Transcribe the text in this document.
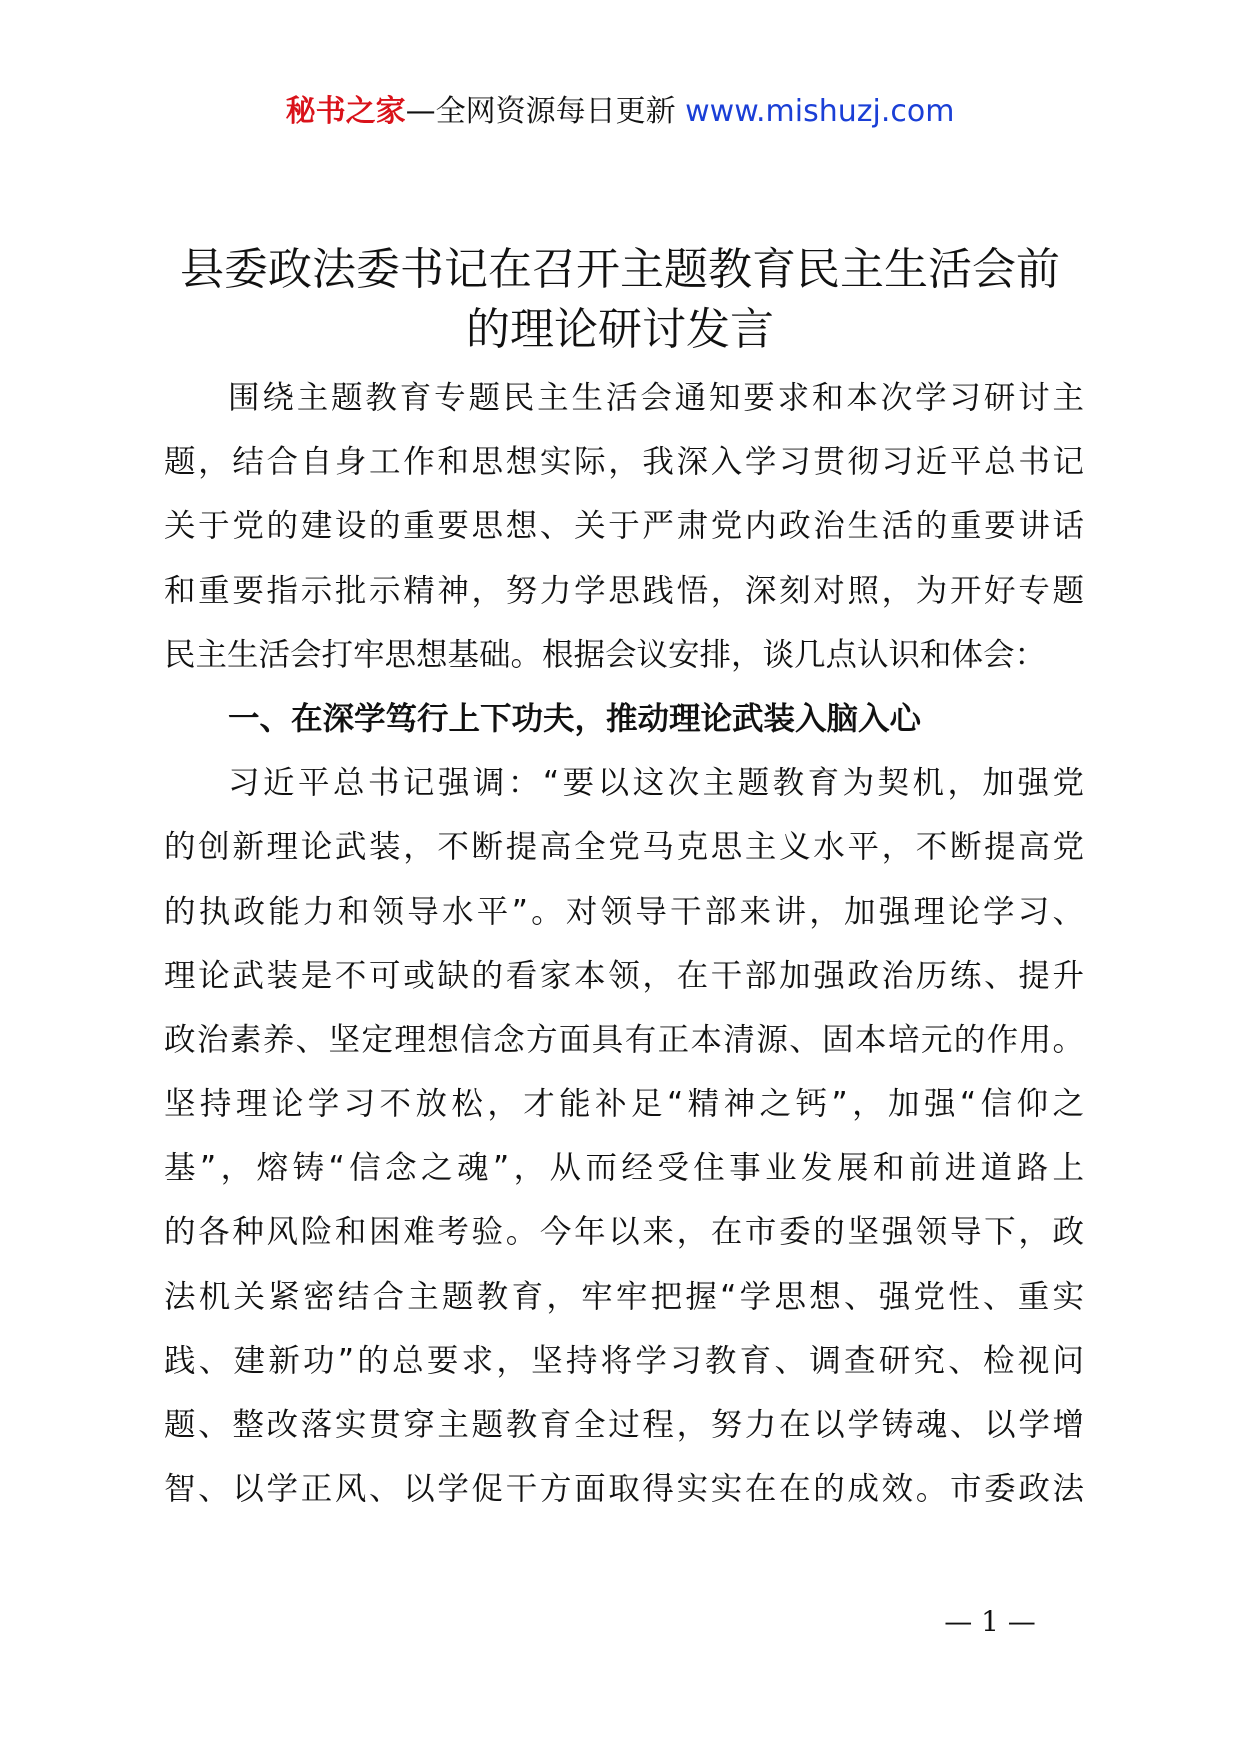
秘书之家—全网资源每日更新 www.mishuzj.com
县委政法委书记在召开主题教育民主生活会前
的理论研讨发言
围绕主题教育专题民主生活会通知要求和本次学习研讨主
题，结合自身工作和思想实际，我深入学习贯彻习近平总书记
关于党的建设的重要思想、关于严肃党内政治生活的重要讲话
和重要指示批示精神，努力学思践悟，深刻对照，为开好专题
民主生活会打牢思想基础。根据会议安排，谈几点认识和体会：
一、在深学笃行上下功夫，推动理论武装入脑入心
习近平总书记强调：“要以这次主题教育为契机，加强党
的创新理论武装，不断提高全党马克思主义水平，不断提高党
的执政能力和领导水平”。对领导干部来讲，加强理论学习、
理论武装是不可或缺的看家本领，在干部加强政治历练、提升
政治素养、坚定理想信念方面具有正本清源、固本培元的作用。
坚持理论学习不放松，才能补足“精神之钙”，加强“信仰之
基”，熔铸“信念之魂”，从而经受住事业发展和前进道路上
的各种风险和困难考验。今年以来，在市委的坚强领导下，政
法机关紧密结合主题教育，牢牢把握“学思想、强党性、重实
践、建新功”的总要求，坚持将学习教育、调查研究、检视问
题、整改落实贯穿主题教育全过程，努力在以学铸魂、以学增
智、以学正风、以学促干方面取得实实在在的成效。市委政法
— 1 —
